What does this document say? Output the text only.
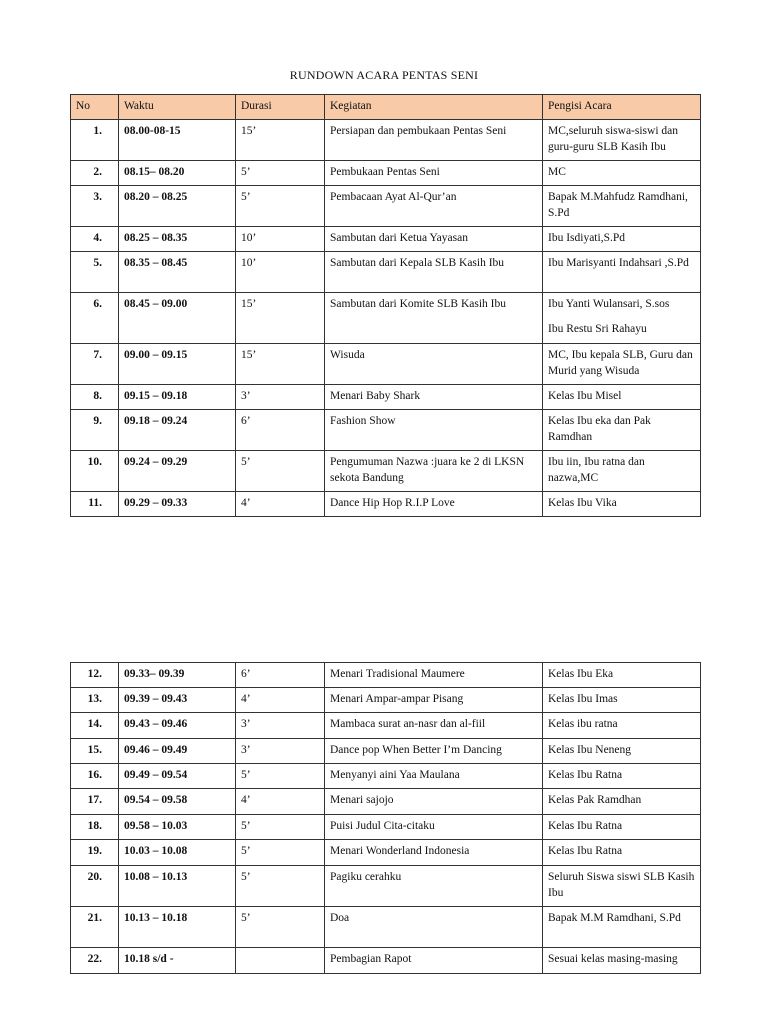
RUNDOWN ACARA PENTAS SENI
No	Waktu	Durasi	Kegiatan	Pengisi Acara
1.	08.00-08-15	15’	Persiapan dan pembukaan Pentas Seni	MC,seluruh siswa-siswi dan guru-guru SLB Kasih Ibu
2.	08.15– 08.20	5’	Pembukaan Pentas Seni	MC
3.	08.20 – 08.25	5’	Pembacaan Ayat Al-Qur’an	Bapak M.Mahfudz Ramdhani, S.Pd
4.	08.25 – 08.35	10’	Sambutan dari Ketua Yayasan	Ibu Isdiyati,S.Pd
5.	08.35 – 08.45	10’	Sambutan dari Kepala SLB Kasih Ibu	Ibu Marisyanti Indahsari ,S.Pd
6.	08.45 – 09.00	15’	Sambutan dari Komite SLB Kasih Ibu	Ibu Yanti Wulansari, S.sos
Ibu Restu Sri Rahayu

7.	09.00 – 09.15	15’	Wisuda	MC, Ibu kepala SLB, Guru dan Murid yang Wisuda
8.	09.15 – 09.18	3’	Menari Baby Shark	Kelas Ibu Misel
9.	09.18 – 09.24	6’	Fashion Show	Kelas Ibu eka dan Pak Ramdhan
10.	09.24 – 09.29	5’	Pengumuman Nazwa :juara ke 2 di LKSN sekota Bandung	Ibu iin, Ibu ratna dan nazwa,MC
11.	09.29 – 09.33	4’	Dance Hip Hop R.I.P Love	Kelas Ibu Vika
12.	09.33– 09.39	6’	Menari Tradisional Maumere	Kelas Ibu Eka
13.	09.39 – 09.43	4’	Menari Ampar-ampar Pisang	Kelas Ibu Imas
14.	09.43 – 09.46	3’	Mambaca surat an-nasr dan al-fiil	Kelas ibu ratna
15.	09.46 – 09.49	3’	Dance pop When Better I’m Dancing	Kelas Ibu Neneng
16.	09.49 – 09.54	5’	Menyanyi aini Yaa Maulana	Kelas Ibu Ratna
17.	09.54 – 09.58	4’	Menari sajojo	Kelas Pak Ramdhan
18.	09.58 – 10.03	5’	Puisi Judul Cita-citaku	Kelas Ibu Ratna
19.	10.03 – 10.08	5’	Menari Wonderland Indonesia	Kelas Ibu Ratna
20.	10.08 – 10.13	5’	Pagiku cerahku	Seluruh Siswa siswi SLB Kasih Ibu
21.	10.13 – 10.18	5’	Doa	Bapak M.M Ramdhani, S.Pd
22.	10.18 s/d -		Pembagian Rapot	Sesuai kelas masing-masing
